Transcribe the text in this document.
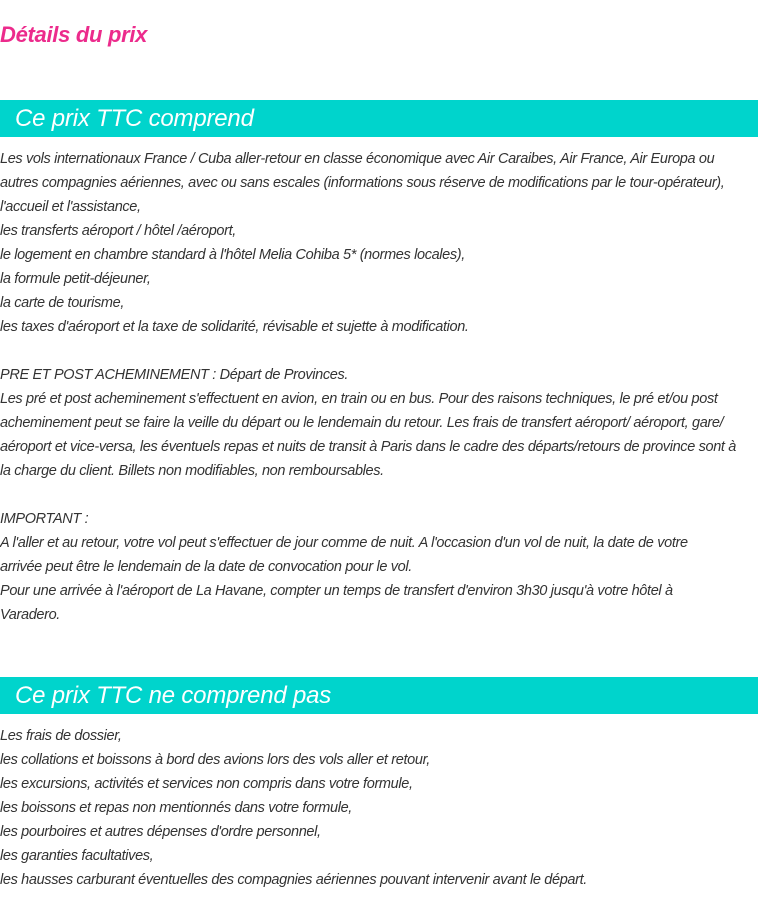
Détails du prix
Ce prix TTC comprend
Les vols internationaux France / Cuba aller-retour en classe économique avec Air Caraibes, Air France, Air Europa ou
autres compagnies aériennes, avec ou sans escales (informations sous réserve de modifications par le tour-opérateur),
l'accueil et l'assistance,
les transferts aéroport / hôtel /aéroport,
le logement en chambre standard à l'hôtel Melia Cohiba 5* (normes locales),
la formule petit-déjeuner,
la carte de tourisme,
les taxes d'aéroport et la taxe de solidarité, révisable et sujette à modification.
PRE ET POST ACHEMINEMENT : Départ de Provinces.
Les pré et post acheminement s'effectuent en avion, en train ou en bus. Pour des raisons techniques, le pré et/ou post
acheminement peut se faire la veille du départ ou le lendemain du retour. Les frais de transfert aéroport/ aéroport, gare/
aéroport et vice-versa, les éventuels repas et nuits de transit à Paris dans le cadre des départs/retours de province sont à
la charge du client. Billets non modifiables, non remboursables.
IMPORTANT :
A l'aller et au retour, votre vol peut s'effectuer de jour comme de nuit. A l'occasion d'un vol de nuit, la date de votre
arrivée peut être le lendemain de la date de convocation pour le vol.
Pour une arrivée à l'aéroport de La Havane, compter un temps de transfert d'environ 3h30 jusqu'à votre hôtel à
Varadero.
Ce prix TTC ne comprend pas
Les frais de dossier,
les collations et boissons à bord des avions lors des vols aller et retour,
les excursions, activités et services non compris dans votre formule,
les boissons et repas non mentionnés dans votre formule,
les pourboires et autres dépenses d'ordre personnel,
les garanties facultatives,
les hausses carburant éventuelles des compagnies aériennes pouvant intervenir avant le départ.
